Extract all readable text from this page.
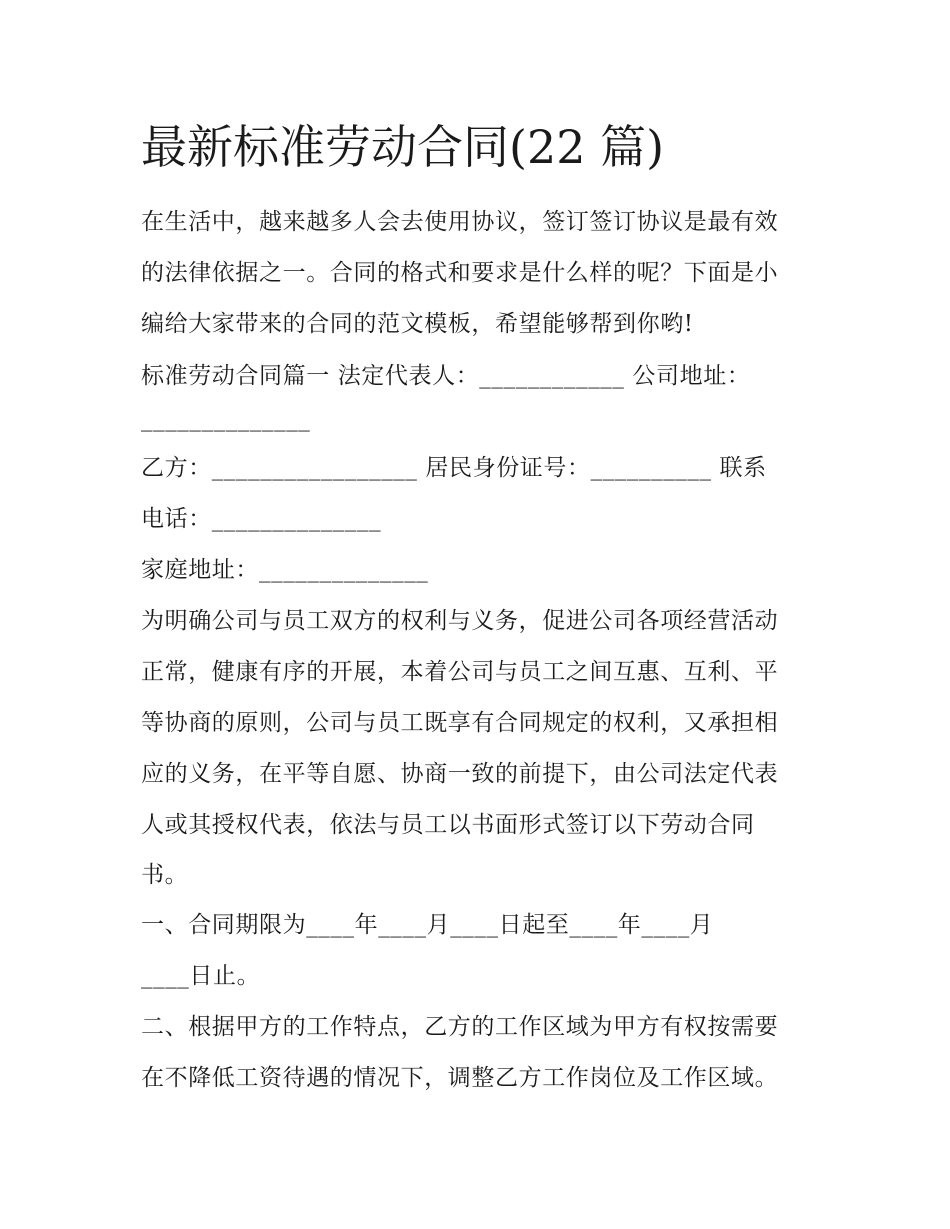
最新标准劳动合同(22 篇)
在生活中，越来越多人会去使用协议，签订签订协议是最有效
的法律依据之一。合同的格式和要求是什么样的呢？下面是小
编给大家带来的合同的范文模板，希望能够帮到你哟!
标准劳动合同篇一 法定代表人：____________ 公司地址：
______________
乙方：_________________ 居民身份证号：__________ 联系
电话：______________
家庭地址：______________
为明确公司与员工双方的权利与义务，促进公司各项经营活动
正常，健康有序的开展，本着公司与员工之间互惠、互利、平
等协商的原则，公司与员工既享有合同规定的权利，又承担相
应的义务，在平等自愿、协商一致的前提下，由公司法定代表
人或其授权代表，依法与员工以书面形式签订以下劳动合同
书。
一、合同期限为____年____月____日起至____年____月
____日止。
二、根据甲方的工作特点，乙方的工作区域为甲方有权按需要
在不降低工资待遇的情况下，调整乙方工作岗位及工作区域。
